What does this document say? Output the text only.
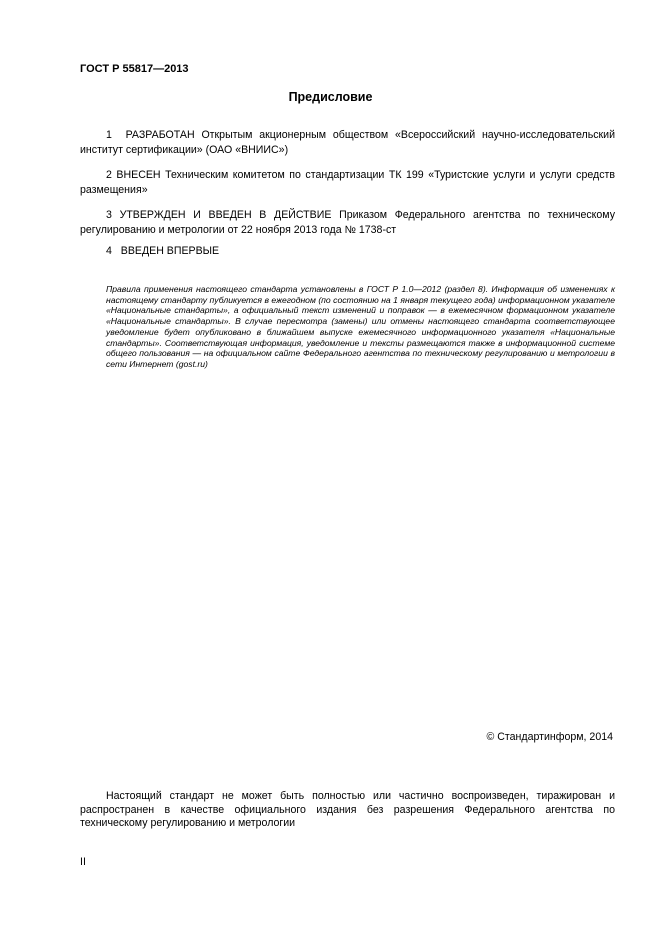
ГОСТ Р 55817—2013
Предисловие
1 РАЗРАБОТАН Открытым акционерным обществом «Всероссийский научно-исследовательский институт сертификации» (ОАО «ВНИИС»)
2 ВНЕСЕН Техническим комитетом по стандартизации ТК 199 «Туристские услуги и услуги средств размещения»
3 УТВЕРЖДЕН И ВВЕДЕН В ДЕЙСТВИЕ Приказом Федерального агентства по техническому регулированию и метрологии от 22 ноября 2013 года № 1738-ст
4 ВВЕДЕН ВПЕРВЫЕ
Правила применения настоящего стандарта установлены в ГОСТ Р 1.0—2012 (раздел 8). Информация об изменениях к настоящему стандарту публикуется в ежегодном (по состоянию на 1 января текущего года) информационном указателе «Национальные стандарты», а официальный текст изменений и поправок — в ежемесячном формационном указателе «Национальные стандарты». В случае пересмотра (замены) или отмены настоящего стандарта соответствующее уведомление будет опубликовано в ближайшем выпуске ежемесячного информационного указателя «Национальные стандарты». Соответствующая информация, уведомление и тексты размещаются также в информационной системе общего пользования — на официальном сайте Федерального агентства по техническому регулированию и метрологии в сети Интернет (gost.ru)
© Стандартинформ, 2014
Настоящий стандарт не может быть полностью или частично воспроизведен, тиражирован и распространен в качестве официального издания без разрешения Федерального агентства по техническому регулированию и метрологии
II
